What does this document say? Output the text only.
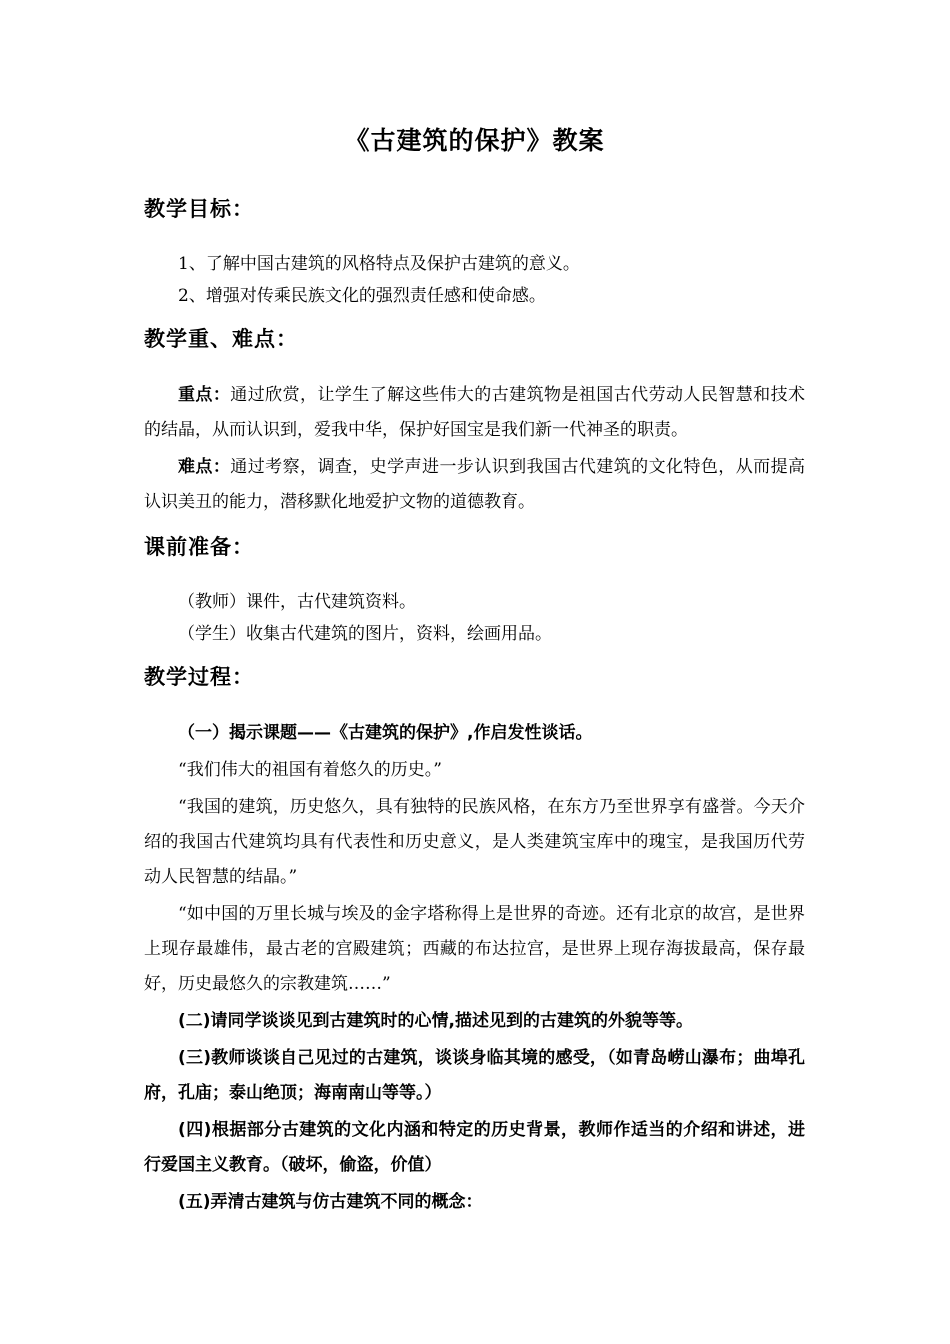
《古建筑的保护》教案
教学目标：

1、了解中国古建筑的风格特点及保护古建筑的意义。

2、增强对传乘民族文化的强烈责任感和使命感。

教学重、难点：

重点：通过欣赏，让学生了解这些伟大的古建筑物是祖国古代劳动人民智慧和技术的结晶，从而认识到，爱我中华，保护好国宝是我们新一代神圣的职责。

难点：通过考察，调查，史学声进一步认识到我国古代建筑的文化特色，从而提高认识美丑的能力，潜移默化地爱护文物的道德教育。

课前准备：

（教师）课件，古代建筑资料。

（学生）收集古代建筑的图片，资料，绘画用品。

教学过程：

（一）揭示课题——《古建筑的保护》,作启发性谈话。

“我们伟大的祖国有着悠久的历史。”

“我国的建筑，历史悠久，具有独特的民族风格，在东方乃至世界享有盛誉。今天介绍的我国古代建筑均具有代表性和历史意义，是人类建筑宝库中的瑰宝，是我国历代劳动人民智慧的结晶。”

“如中国的万里长城与埃及的金字塔称得上是世界的奇迹。还有北京的故宫，是世界上现存最雄伟，最古老的宫殿建筑；西藏的布达拉宫，是世界上现存海拔最高，保存最好，历史最悠久的宗教建筑……”

(二)请同学谈谈见到古建筑时的心情,描述见到的古建筑的外貌等等。

(三)教师谈谈自己见过的古建筑，谈谈身临其境的感受，（如青岛崂山瀑布；曲埠孔府，孔庙；泰山绝顶；海南南山等等。）

(四)根据部分古建筑的文化内涵和特定的历史背景，教师作适当的介绍和讲述，进行爱国主义教育。（破坏，偷盗，价值）

(五)弄清古建筑与仿古建筑不同的概念：
